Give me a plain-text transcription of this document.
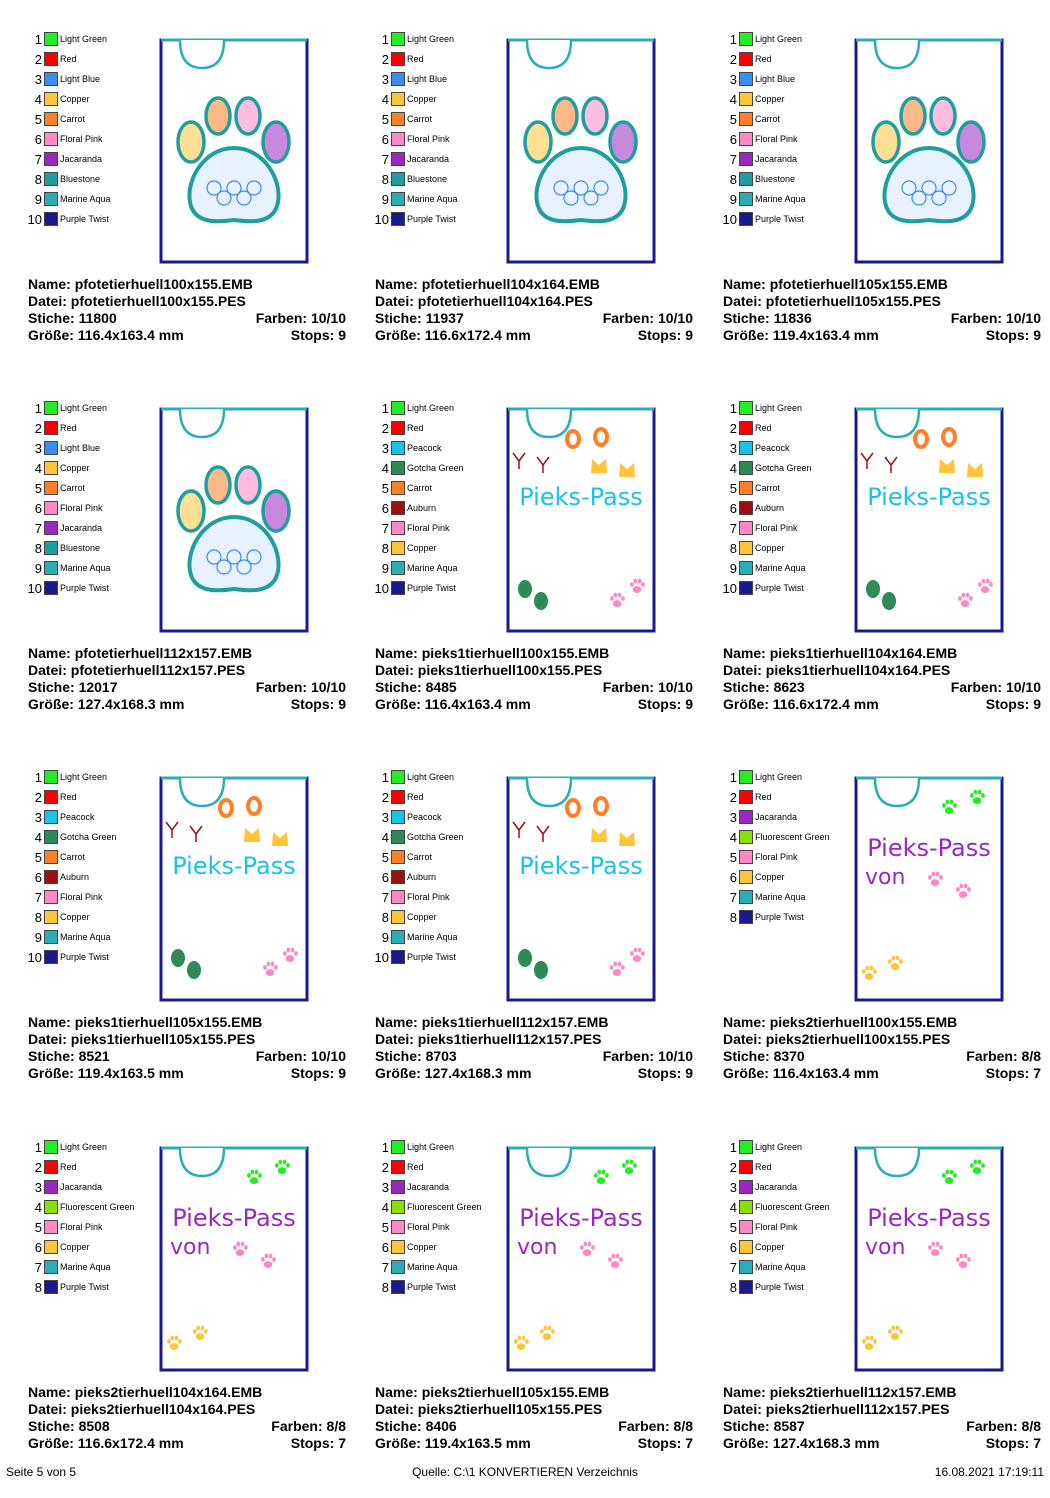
1 Light Green
2 Red
3 Light Blue
4 Copper
5 Carrot
6 Floral Pink
7 Jacaranda
8 Bluestone
9 Marine Aqua
10 Purple Twist
Name: pfotetierhuell100x155.EMB
Datei: pfotetierhuell100x155.PES
Stiche: 11800	Farben: 10/10
Größe: 116.4x163.4 mm	Stops: 9
1 Light Green
2 Red
3 Light Blue
4 Copper
5 Carrot
6 Floral Pink
7 Jacaranda
8 Bluestone
9 Marine Aqua
10 Purple Twist
Name: pfotetierhuell104x164.EMB
Datei: pfotetierhuell104x164.PES
Stiche: 11937	Farben: 10/10
Größe: 116.6x172.4 mm	Stops: 9
1 Light Green
2 Red
3 Light Blue
4 Copper
5 Carrot
6 Floral Pink
7 Jacaranda
8 Bluestone
9 Marine Aqua
10 Purple Twist
Name: pfotetierhuell105x155.EMB
Datei: pfotetierhuell105x155.PES
Stiche: 11836	Farben: 10/10
Größe: 119.4x163.4 mm	Stops: 9
1 Light Green
2 Red
3 Light Blue
4 Copper
5 Carrot
6 Floral Pink
7 Jacaranda
8 Bluestone
9 Marine Aqua
10 Purple Twist
Name: pfotetierhuell112x157.EMB
Datei: pfotetierhuell112x157.PES
Stiche: 12017	Farben: 10/10
Größe: 127.4x168.3 mm	Stops: 9
1 Light Green
2 Red
3 Peacock
4 Gotcha Green
5 Carrot
6 Auburn
7 Floral Pink
8 Copper
9 Marine Aqua
10 Purple Twist
Pieks-Pass
Name: pieks1tierhuell100x155.EMB
Datei: pieks1tierhuell100x155.PES
Stiche: 8485	Farben: 10/10
Größe: 116.4x163.4 mm	Stops: 9
1 Light Green
2 Red
3 Peacock
4 Gotcha Green
5 Carrot
6 Auburn
7 Floral Pink
8 Copper
9 Marine Aqua
10 Purple Twist
Pieks-Pass
Name: pieks1tierhuell104x164.EMB
Datei: pieks1tierhuell104x164.PES
Stiche: 8623	Farben: 10/10
Größe: 116.6x172.4 mm	Stops: 9
1 Light Green
2 Red
3 Peacock
4 Gotcha Green
5 Carrot
6 Auburn
7 Floral Pink
8 Copper
9 Marine Aqua
10 Purple Twist
Pieks-Pass
Name: pieks1tierhuell105x155.EMB
Datei: pieks1tierhuell105x155.PES
Stiche: 8521	Farben: 10/10
Größe: 119.4x163.5 mm	Stops: 9
1 Light Green
2 Red
3 Peacock
4 Gotcha Green
5 Carrot
6 Auburn
7 Floral Pink
8 Copper
9 Marine Aqua
10 Purple Twist
Pieks-Pass
Name: pieks1tierhuell112x157.EMB
Datei: pieks1tierhuell112x157.PES
Stiche: 8703	Farben: 10/10
Größe: 127.4x168.3 mm	Stops: 9
1 Light Green
2 Red
3 Jacaranda
4 Fluorescent Green
5 Floral Pink
6 Copper
7 Marine Aqua
8 Purple Twist
Pieks-Pass
von
Name: pieks2tierhuell100x155.EMB
Datei: pieks2tierhuell100x155.PES
Stiche: 8370	Farben: 8/8
Größe: 116.4x163.4 mm	Stops: 7
1 Light Green
2 Red
3 Jacaranda
4 Fluorescent Green
5 Floral Pink
6 Copper
7 Marine Aqua
8 Purple Twist
Pieks-Pass
von
Name: pieks2tierhuell104x164.EMB
Datei: pieks2tierhuell104x164.PES
Stiche: 8508	Farben: 8/8
Größe: 116.6x172.4 mm	Stops: 7
1 Light Green
2 Red
3 Jacaranda
4 Fluorescent Green
5 Floral Pink
6 Copper
7 Marine Aqua
8 Purple Twist
Pieks-Pass
von
Name: pieks2tierhuell105x155.EMB
Datei: pieks2tierhuell105x155.PES
Stiche: 8406	Farben: 8/8
Größe: 119.4x163.5 mm	Stops: 7
1 Light Green
2 Red
3 Jacaranda
4 Fluorescent Green
5 Floral Pink
6 Copper
7 Marine Aqua
8 Purple Twist
Pieks-Pass
von
Name: pieks2tierhuell112x157.EMB
Datei: pieks2tierhuell112x157.PES
Stiche: 8587	Farben: 8/8
Größe: 127.4x168.3 mm	Stops: 7
Seite 5 von 5	Quelle: C:\1 KONVERTIEREN Verzeichnis	16.08.2021 17:19:11
